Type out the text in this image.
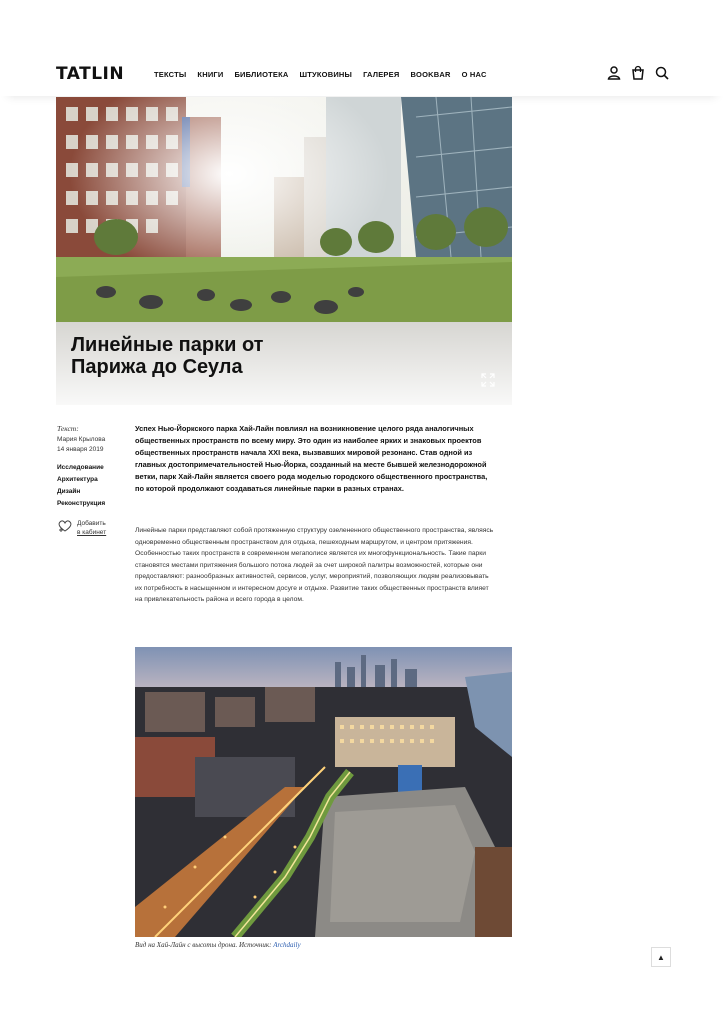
TATLIN	ТЕКСТЫ КНИГИ БИБЛИОТЕКА ШТУКОВИНЫ ГАЛЕРЕЯ BOOKBAR О НАС
Линейные парки от
Парижа до Сеула
Текст:
Мария Крылова
14 января 2019
Исследование
Архитектура
Дизайн
Реконструкция
Добавить
в кабинет

Успех Нью-Йоркского парка Хай-Лайн повлиял на возникновение целого ряда аналогичных общественных пространств по всему миру. Это один из наиболее ярких и знаковых проектов общественных пространств начала XXI века, вызвавших мировой резонанс. Став одной из главных достопримечательностей Нью-Йорка, созданный на месте бывшей железнодорожной ветки, парк Хай-Лайн является своего рода моделью городского общественного пространства, по которой продолжают создаваться линейные парки в разных странах.

Линейные парки представляют собой протяженную структуру озелененного общественного пространства, являясь одновременно общественным пространством для отдыха, пешеходным маршрутом, и центром притяжения. Особенностью таких пространств в современном мегаполисе является их многофункциональность. Такие парки становятся местами притяжения большого потока людей за счет широкой палитры возможностей, которые они предоставляют: разнообразных активностей, сервисов, услуг, мероприятий, позволяющих людям реализовывать их потребность в насыщенном и интересном досуге и отдыхе. Развитие таких общественных пространств влияет на привлекательность района и всего города в целом.

Вид на Хай-Лайн с высоты дрона. Источник: Archdaily
▲
